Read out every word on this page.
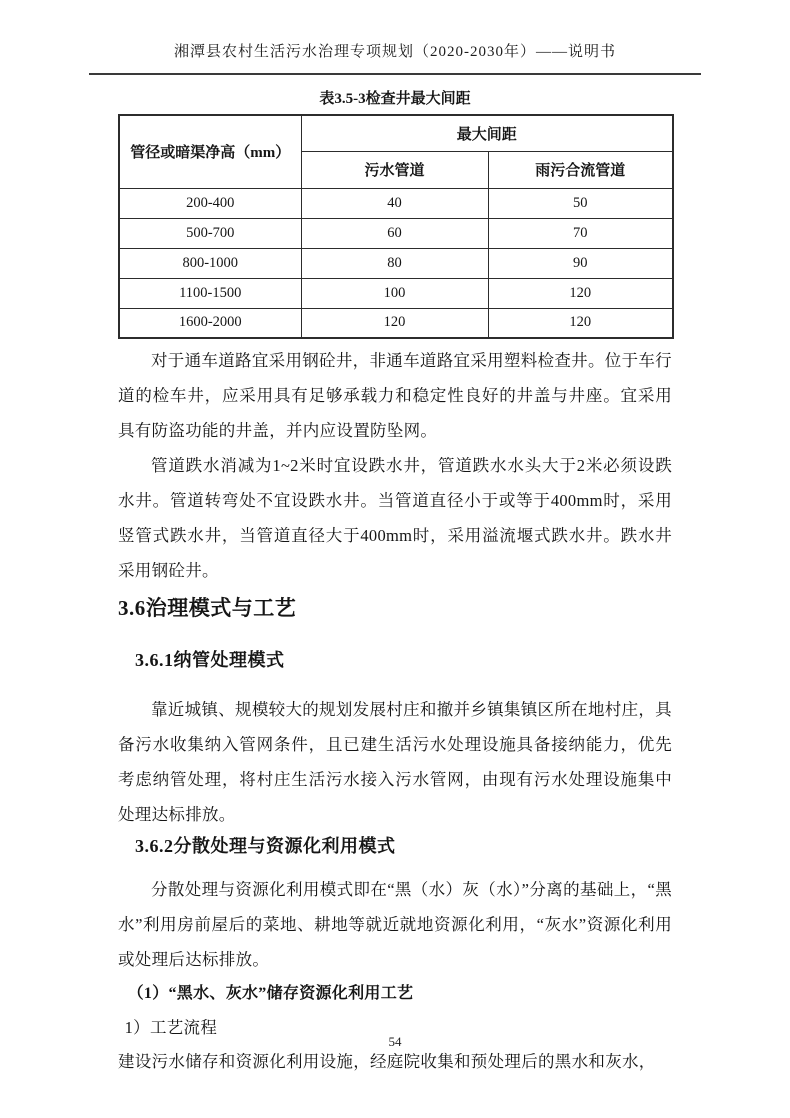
湘潭县农村生活污水治理专项规划（2020-2030年）——说明书
表3.5-3检查井最大间距
管径或暗渠净高（mm）	最大间距	
	污水管道	雨污合流管道
200-400	40	50
500-700	60	70
800-1000	80	90
1100-1500	100	120
1600-2000	120	120

对于通车道路宜采用钢砼井，非通车道路宜采用塑料检查井。位于车行道的检车井，应采用具有足够承载力和稳定性良好的井盖与井座。宜采用具有防盗功能的井盖，并内应设置防坠网。

管道跌水消减为1~2米时宜设跌水井，管道跌水水头大于2米必须设跌水井。管道转弯处不宜设跌水井。当管道直径小于或等于400mm时，采用竖管式跌水井，当管道直径大于400mm时，采用溢流堰式跌水井。跌水井采用钢砼井。

3.6治理模式与工艺
3.6.1纳管处理模式

靠近城镇、规模较大的规划发展村庄和撤并乡镇集镇区所在地村庄，具备污水收集纳入管网条件，且已建生活污水处理设施具备接纳能力，优先考虑纳管处理，将村庄生活污水接入污水管网，由现有污水处理设施集中处理达标排放。

3.6.2分散处理与资源化利用模式

分散处理与资源化利用模式即在“黑（水）灰（水）”分离的基础上，“黑水”利用房前屋后的菜地、耕地等就近就地资源化利用，“灰水”资源化利用或处理后达标排放。

（1）“黑水、灰水”储存资源化利用工艺

1）工艺流程

建设污水储存和资源化利用设施，经庭院收集和预处理后的黑水和灰水，

54
